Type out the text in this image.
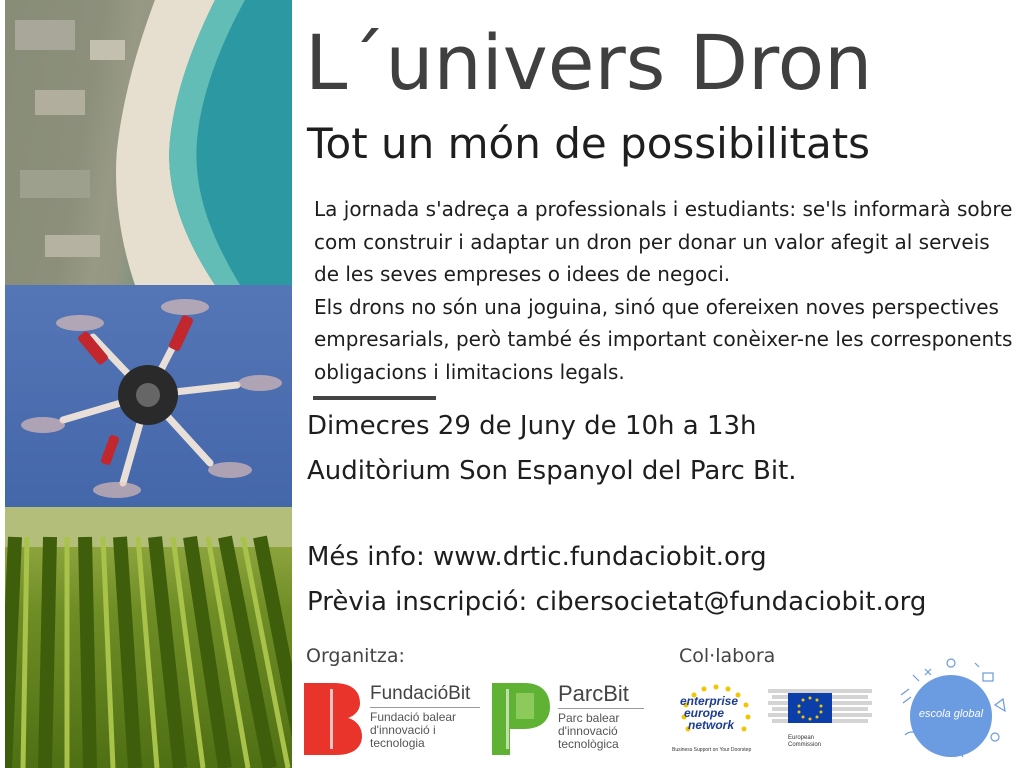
L´univers Dron
Tot un món de possibilitats

La jornada s'adreça a professionals i estudiants: se'ls informarà sobre com construir i adaptar un dron per donar un valor afegit al serveis de les seves empreses o idees de negoci.

Els drons no són una joguina, sinó que ofereixen noves perspectives empresarials, però també és important conèixer-ne les corresponents obligacions i limitacions legals.

Dimecres 29 de Juny de 10h a 13h
Auditòrium Son Espanyol del Parc Bit.
Més info: www.drtic.fundaciobit.org
Prèvia inscripció: cibersocietat@fundaciobit.org
Organitza:	Col·labora
FundacióBit
Fundació balear
d'innovació i
tecnologia
ParcBit
Parc balear
d'innovació
tecnològica
enterprise
europe
network
Business Support on Your Doorstep
European
Commission
escola global
